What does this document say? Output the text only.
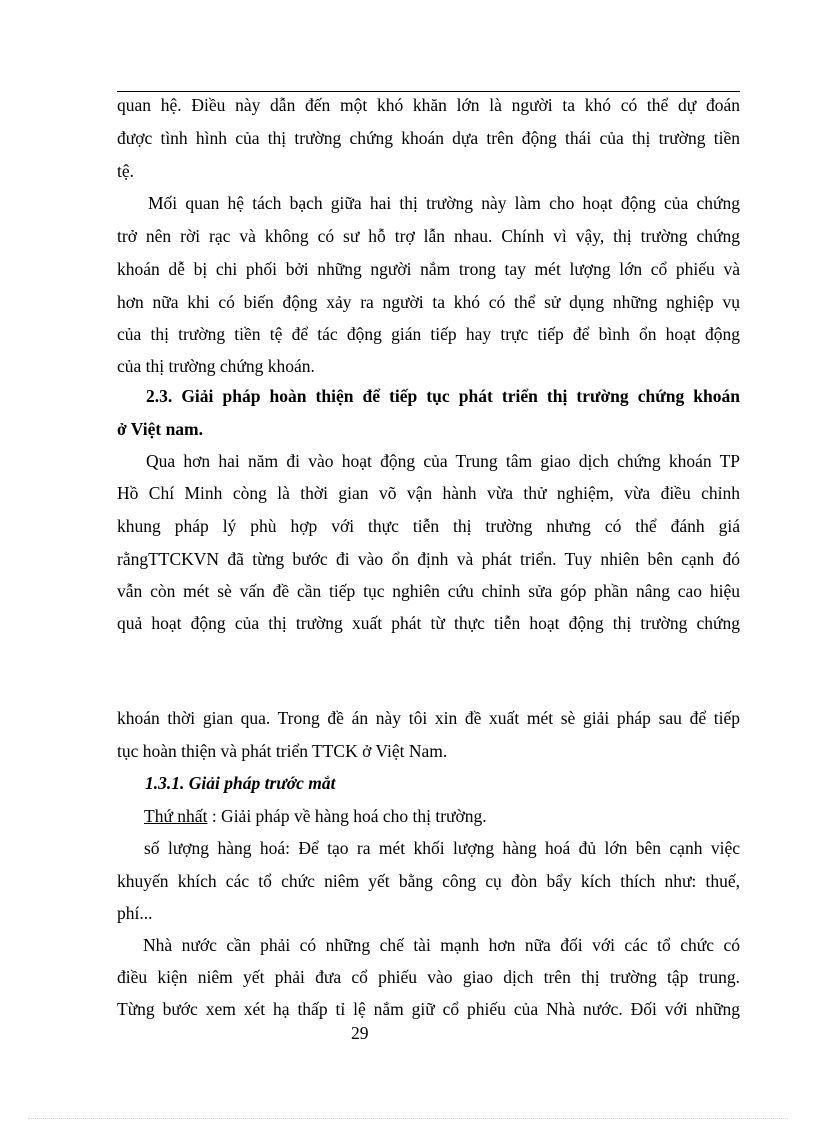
quan hệ. Điều này dẫn đến một khó khăn lớn là người ta khó có thể dự đoán
được tình hình của thị trường chứng khoán dựa trên động thái của thị trường tiền
tệ.
Mối quan hệ tách bạch giữa hai thị trường này làm cho hoạt động của chứng
trở nên rời rạc và không có sư hỗ trợ lẫn nhau. Chính vì vậy, thị trường chứng
khoán dễ bị chi phối bởi những người nắm trong tay mét lượng lớn cổ phiếu và
hơn nữa khi có biến động xảy ra người ta khó có thể sử dụng những nghiệp vụ
của thị trường tiền tệ để tác động gián tiếp hay trực tiếp để bình ổn hoạt động
của thị trường chứng khoán.
2.3. Giải pháp hoàn thiện để tiếp tục phát triển thị trường chứng khoán
ở Việt nam.
Qua hơn hai năm đi vào hoạt động của Trung tâm giao dịch chứng khoán TP
Hồ Chí Minh còng là thời gian võ vận hành vừa thử nghiệm, vừa điều chỉnh
khung pháp lý phù hợp với thực tiễn thị trường nhưng có thể đánh giá
rằngTTCKVN đã từng bước đi vào ổn định và phát triển. Tuy nhiên bên cạnh đó
vẫn còn mét sè vấn đề cần tiếp tục nghiên cứu chỉnh sửa góp phần nâng cao hiệu
quả hoạt động của thị trường xuất phát từ thực tiễn hoạt động thị trường chứng
khoán thời gian qua. Trong đề án này tôi xin đề xuất mét sè giải pháp sau để tiếp
tục hoàn thiện và phát triển TTCK ở Việt Nam.
1.3.1. Giải pháp trước mắt
Thứ nhất : Giải pháp về hàng hoá cho thị trường.
số lượng hàng hoá: Để tạo ra mét khối lượng hàng hoá đủ lớn bên cạnh việc
khuyến khích các tổ chức niêm yết bằng công cụ đòn bẩy kích thích như: thuế,
phí...
Nhà nước cần phải có những chế tài mạnh hơn nữa đối với các tổ chức có
điều kiện niêm yết phải đưa cổ phiếu vào giao dịch trên thị trường tập trung.
Từng bước xem xét hạ thấp tỉ lệ nắm giữ cổ phiếu của Nhà nước. Đối với những
29
